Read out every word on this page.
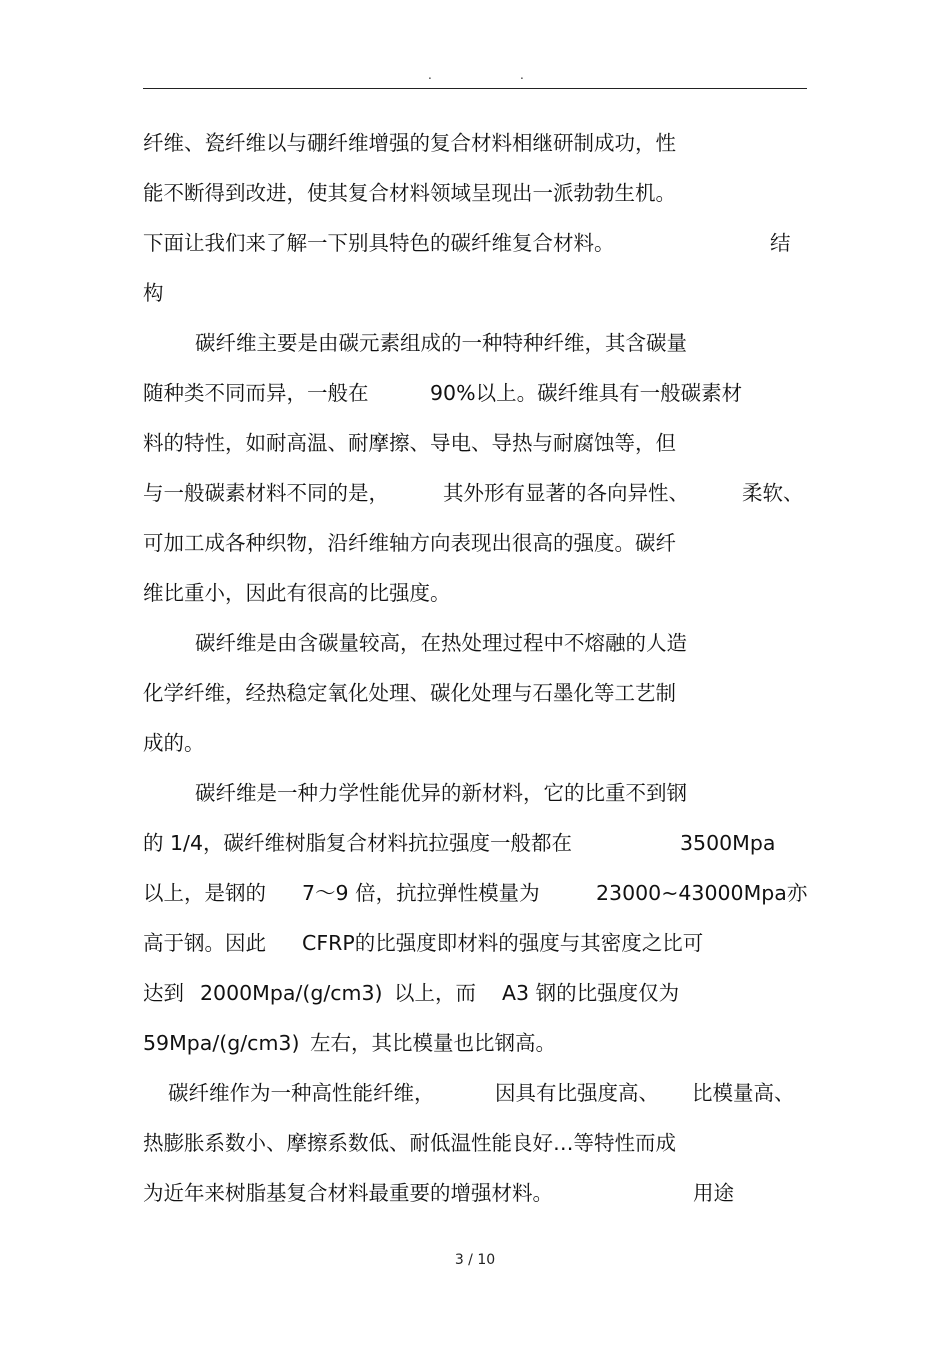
.	.

纤维、瓷纤维以与硼纤维增强的复合材料相继研制成功，性

能不断得到改进，使其复合材料领域呈现出一派勃勃生机。

下面让我们来了解一下别具特色的碳纤维复合材料。

	结

构

碳纤维主要是由碳元素组成的一种特种纤维，其含碳量

随种类不同而异，一般在

	90%以上。碳纤维具有一般碳素材

料的特性，如耐高温、耐摩擦、导电、导热与耐腐蚀等，但

与一般碳素材料不同的是，

	其外形有显著的各向异性、

	柔软、

可加工成各种织物，沿纤维轴方向表现出很高的强度。碳纤

维比重小，因此有很高的比强度。

碳纤维是由含碳量较高，在热处理过程中不熔融的人造

化学纤维，经热稳定氧化处理、碳化处理与石墨化等工艺制

成的。

碳纤维是一种力学性能优异的新材料，它的比重不到钢

的 1/4，碳纤维树脂复合材料抗拉强度一般都在

	3500Mpa

以上，是钢的

7～9 倍，抗拉弹性模量为

	23000~43000Mpa亦

高于钢。因此

CFRP的比强度即材料的强度与其密度之比可

达到

2000Mpa/(g/cm3)

以上，而

A3 钢的比强度仅为

59Mpa/(g/cm3)

左右，其比模量也比钢高。

碳纤维作为一种高性能纤维，

	因具有比强度高、

比模量高、

热膨胀系数小、摩擦系数低、耐低温性能良好…等特性而成

为近年来树脂基复合材料最重要的增强材料。

	用途

3 / 10
